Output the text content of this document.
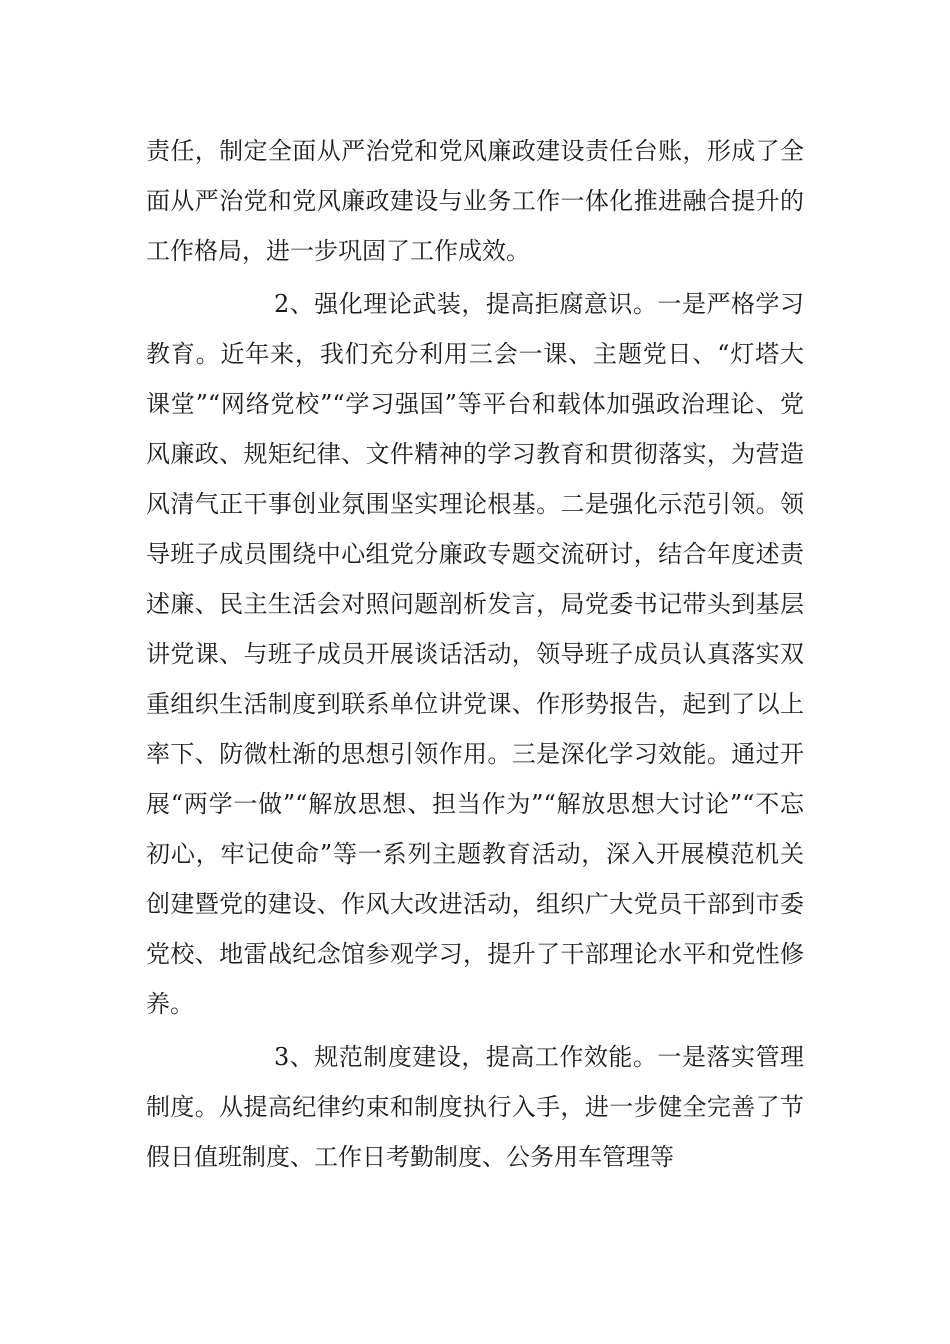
责任，制定全面从严治党和党风廉政建设责任台账，形成了全面从严治党和党风廉政建设与业务工作一体化推进融合提升的工作格局，进一步巩固了工作成效。

2、强化理论武装，提高拒腐意识。一是严格学习教育。近年来，我们充分利用三会一课、主题党日、“灯塔大课堂”“网络党校”“学习强国”等平台和载体加强政治理论、党风廉政、规矩纪律、文件精神的学习教育和贯彻落实，为营造风清气正干事创业氛围坚实理论根基。二是强化示范引领。领导班子成员围绕中心组党分廉政专题交流研讨，结合年度述责述廉、民主生活会对照问题剖析发言，局党委书记带头到基层讲党课、与班子成员开展谈话活动，领导班子成员认真落实双重组织生活制度到联系单位讲党课、作形势报告，起到了以上率下、防微杜渐的思想引领作用。三是深化学习效能。通过开展“两学一做”“解放思想、担当作为”“解放思想大讨论”“不忘初心，牢记使命”等一系列主题教育活动，深入开展模范机关创建暨党的建设、作风大改进活动，组织广大党员干部到市委党校、地雷战纪念馆参观学习，提升了干部理论水平和党性修养。

3、规范制度建设，提高工作效能。一是落实管理制度。从提高纪律约束和制度执行入手，进一步健全完善了节假日值班制度、工作日考勤制度、公务用车管理等
